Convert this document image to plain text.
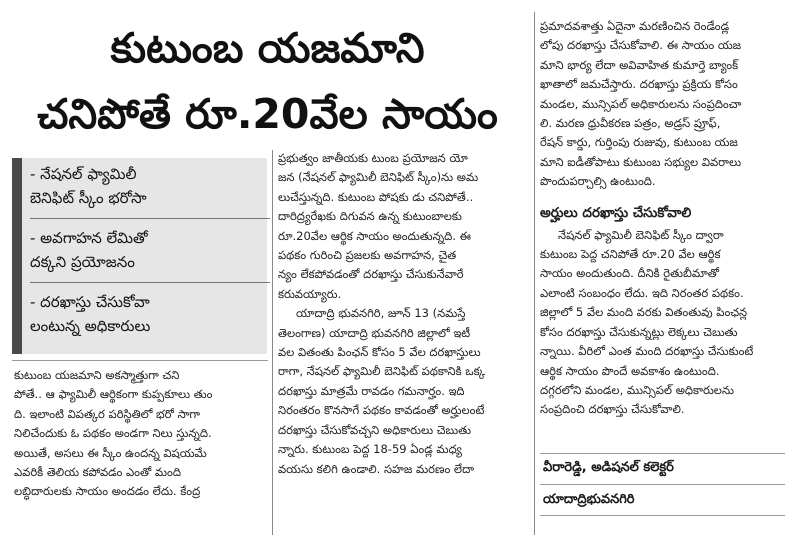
కుటుంబ యజమాని
చనిపోతే రూ.20వేల సాయం
- నేషనల్ ఫ్యామిలీ
బెనిఫిట్ స్కీం భరోసా
- అవగాహన లేమితో
దక్కని ప్రయోజనం
- దరఖాస్తు చేసుకోవా
లంటున్న అధికారులు

కుటుంబ యజమాని అకస్మాత్తుగా చని
పోతే.. ఆ ఫ్యామిలీ ఆర్థికంగా కుప్పకూలు తుం
ది. ఇలాంటి విపత్కర పరిస్థితిలో భరో సాగా
నిలిచేందుకు ఓ పథకం అండగా నిలు స్తున్నది.
అయితే, అసలు ఈ స్కీం ఉందన్న విషయమే
ఎవరికీ తెలియ కపోవడం ఎంతో మంది
లబ్ధిదారులకు సాయం అందడం లేదు. కేంద్ర

ప్రభుత్వం జాతీయకు టుంబ ప్రయోజన యో
జన (నేషనల్ ఫ్యామిలీ బెనిఫిట్ స్కీం)ను అమ
లుచేస్తున్నది. కుటుంబ పోషకు డు చనిపోతే..
దారిద్ర్యరేఖకు దిగువన ఉన్న కుటుంబాలకు
రూ.20వేల ఆర్థిక సాయం అందుతున్నది. ఈ
పథకం గురించి ప్రజలకు అవగాహన, చైత
న్యం లేకపోవడంతో దరఖాస్తు చేసుకునేవారే
కరువయ్యారు.
యాదాద్రి భువనగిరి, జూన్ 13 (నమస్తే
తెలంగాణ) యాదాద్రి భువనగిరి జిల్లాలో ఇటీ
వల వితంతు పింఛన్ కోసం 5 వేల దరఖాస్తులు
రాగా, నేషనల్ ఫ్యామిలీ బెనిఫిట్ పథకానికి ఒక్క
దరఖాస్తు మాత్రమే రావడం గమనార్హం. ఇది
నిరంతరం కొనసాగే పథకం కావడంతో అర్హులంటే
దరఖాస్తు చేసుకోవచ్చని అధికారులు చెబుతు
న్నారు. కుటుంబ పెద్ద 18-59 ఏండ్ల మధ్య
వయసు కలిగి ఉండాలి. సహజ మరణం లేదా

ప్రమాదవశాత్తు ఏదైనా మరణించిన రెండేండ్ల
లోపు దరఖాస్తు చేసుకోవాలి. ఈ సాయం యజ
మాని భార్య లేదా అవివాహిత కుమార్తె బ్యాంక్
ఖాతాలో జమచేస్తారు. దరఖాస్తు ప్రక్రియ కోసం
మండల, మున్సిపల్ అధికారులను సంప్రదించా
లి. మరణ ధ్రువీకరణ పత్రం, అడ్రస్ ప్రూఫ్,
రేషన్ కార్డు, గుర్తింపు రుజువు, కుటుంబ యజ
మాని ఐడీతోపాటు కుటుంబ సభ్యుల వివరాలు
పొందుపర్చాల్సి ఉంటుంది.

అర్హులు దరఖాస్తు చేసుకోవాలి

నేషనల్ ఫ్యామిలీ బెనిఫిట్ స్కీం ద్వారా
కుటుంబ పెద్ద చనిపోతే రూ.20 వేల ఆర్థిక
సాయం అందుతుంది. దీనికి రైతుబీమాతో
ఎలాంటి సంబంధం లేదు. ఇది నిరంతర పథకం.
జిల్లాలో 5 వేల మంది వరకు వితంతువు పింఛన్ల
కోసం దరఖాస్తు చేసుకున్నట్లు లెక్కలు చెబుతు
న్నాయి. వీరిలో ఎంత మంది దరఖాస్తు చేసుకుంటే
ఆర్థిక సాయం పొందే అవకాశం ఉంటుంది.
దగ్గరలోని మండల, మున్సిపల్ అధికారులను
సంప్రదించి దరఖాస్తు చేసుకోవాలి.

వీరారెడ్డి, అడిషనల్ కలెక్టర్
యాదాద్రిభువనగిరి
